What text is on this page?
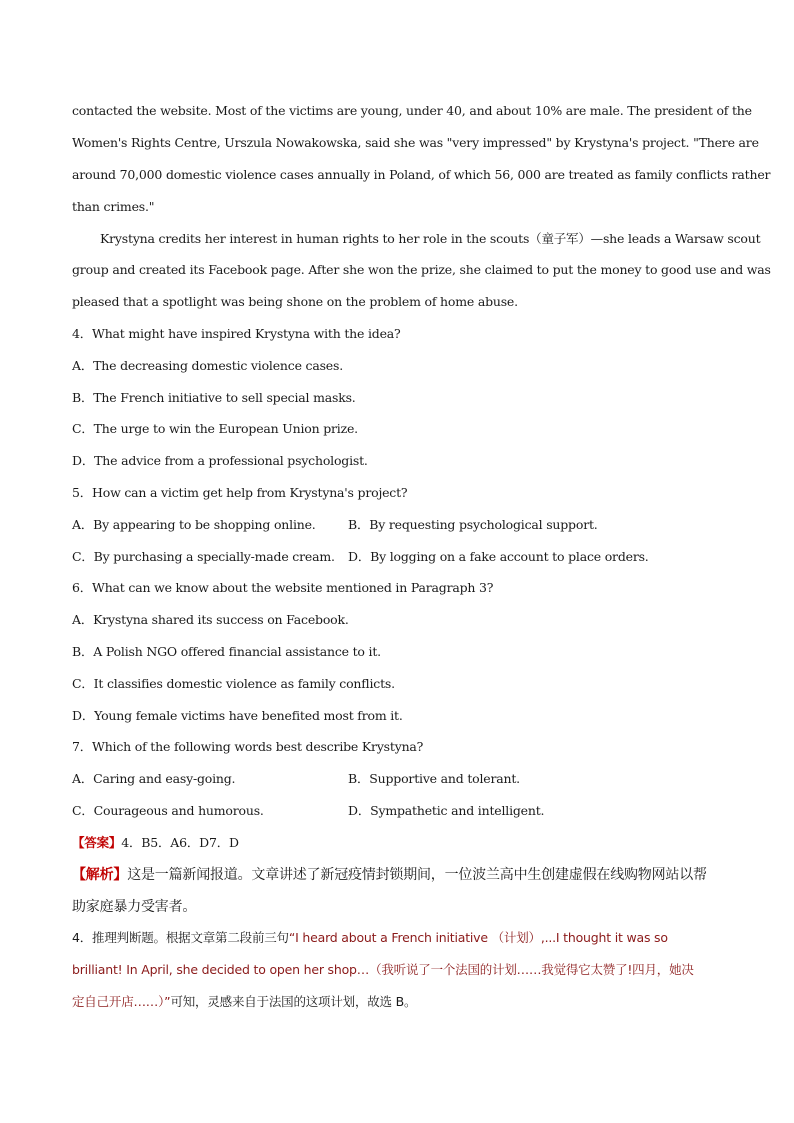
contacted the website. Most of the victims are young, under 40, and about 10% are male. The president of the
Women's Rights Centre, Urszula Nowakowska, said she was "very impressed" by Krystyna's project. "There are
around 70,000 domestic violence cases annually in Poland, of which 56, 000 are treated as family conflicts rather
than crimes."
Krystyna credits her interest in human rights to her role in the scouts（童子军）—she leads a Warsaw scout
group and created its Facebook page. After she won the prize, she claimed to put the money to good use and was
pleased that a spotlight was being shone on the problem of home abuse.
4．What might have inspired Krystyna with the idea?
A．The decreasing domestic violence cases.
B．The French initiative to sell special masks.
C．The urge to win the European Union prize.
D．The advice from a professional psychologist.
5．How can a victim get help from Krystyna's project?
A．By appearing to be shopping online.	B．By requesting psychological support.
C．By purchasing a specially-made cream. D．By logging on a fake account to place orders.
6．What can we know about the website mentioned in Paragraph 3?
A．Krystyna shared its success on Facebook.
B．A Polish NGO offered financial assistance to it.
C．It classifies domestic violence as family conflicts.
D．Young female victims have benefited most from it.
7．Which of the following words best describe Krystyna?
A．Caring and easy-going.	B．Supportive and tolerant.
C．Courageous and humorous.	D．Sympathetic and intelligent.
【答案】4．B5．A6．D7．D
【解析】这是一篇新闻报道。文章讲述了新冠疫情封锁期间，一位波兰高中生创建虚假在线购物网站以帮
助家庭暴力受害者。
4．推理判断题。根据文章第二段前三句“I heard about a French initiative （计划）,...I thought it was so
brilliant! In April, she decided to open her shop…（我听说了一个法国的计划……我觉得它太赞了!四月，她决
定自己开店……）”可知，灵感来自于法国的这项计划，故选 B。
